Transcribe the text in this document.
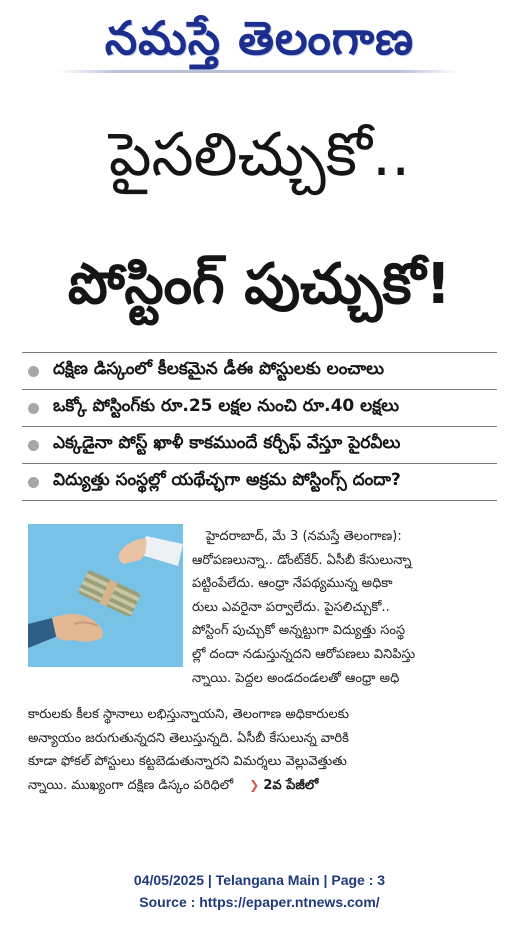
నమస్తే తెలంగాణ
పైసలిచ్చుకో..
పోస్టింగ్ పుచ్చుకో!
దక్షిణ డిస్కంలో కీలకమైన డీఈ పోస్టులకు లంచాలు
ఒక్కో పోస్టింగ్‌కు రూ.25 లక్షల నుంచి రూ.40 లక్షలు
ఎక్కడైనా పోస్ట్ ఖాళీ కాకముందే కర్చీఫ్ వేస్తూ పైరవీలు
విద్యుత్తు సంస్థల్లో యథేచ్ఛగా అక్రమ పోస్టింగ్స్ దందా?
హైదరాబాద్, మే 3 (నమస్తే తెలంగాణ):
ఆరోపణలున్నా.. డోంట్‌కేర్. ఏసీబీ కేసులున్నా
పట్టింపేలేదు. ఆంధ్రా నేపథ్యమున్న అధికా
రులు ఎవరైనా పర్వాలేదు. పైసలిచ్చుకో..
పోస్టింగ్ పుచ్చుకో అన్నట్టుగా విద్యుత్తు సంస్థ
ల్లో దందా నడుస్తున్నదని ఆరోపణలు వినిపిస్తు
న్నాయి. పెద్దల అండదండలతో ఆంధ్రా అధి
కారులకు కీలక స్థానాలు లభిస్తున్నాయని, తెలంగాణ అధికారులకు
అన్యాయం జరుగుతున్నదని తెలుస్తున్నది. ఏసీబీ కేసులున్న వారికి
కూడా ఫోకల్ పోస్టులు కట్టబెడుతున్నారని విమర్శలు వెల్లువెత్తుతు
న్నాయి. ముఖ్యంగా దక్షిణ డిస్కం పరిధిలో ❯ 2వ పేజీలో
04/05/2025 | Telangana Main | Page : 3
Source : https://epaper.ntnews.com/
